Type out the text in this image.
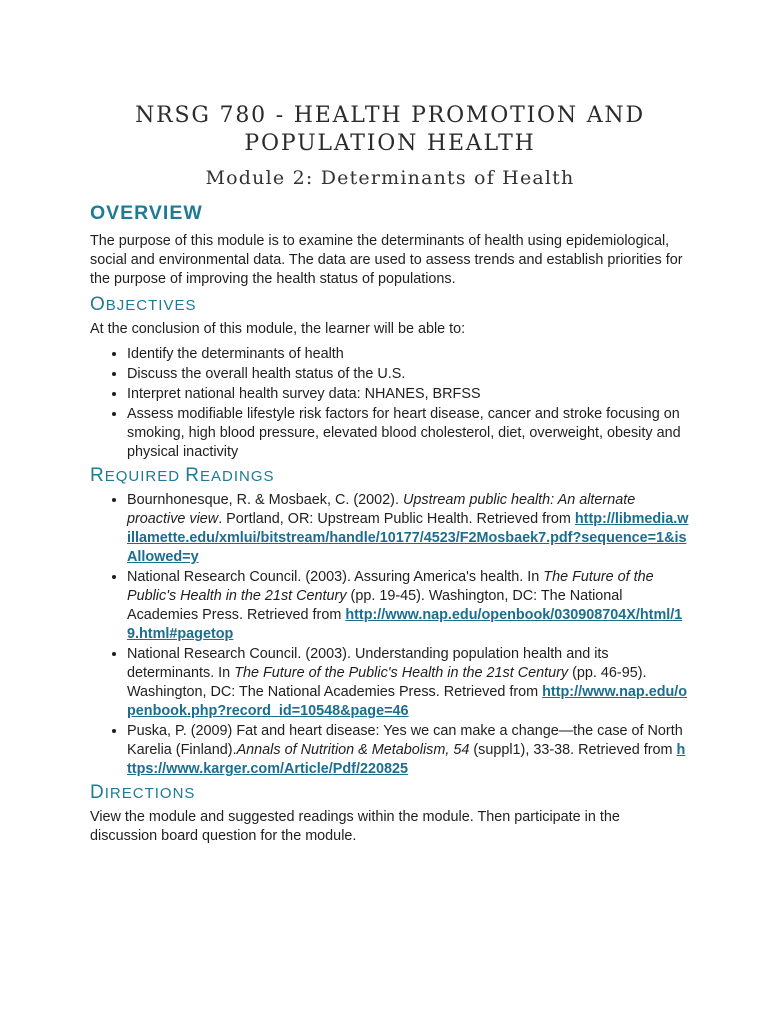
NRSG 780 - HEALTH PROMOTION AND
POPULATION HEALTH
Module 2: Determinants of Health
OVERVIEW

The purpose of this module is to examine the determinants of health using epidemiological, social and environmental data. The data are used to assess trends and establish priorities for the purpose of improving the health status of populations.

OBJECTIVES

At the conclusion of this module, the learner will be able to:

• Identify the determinants of health
• Discuss the overall health status of the U.S.
• Interpret national health survey data: NHANES, BRFSS
• Assess modifiable lifestyle risk factors for heart disease, cancer and stroke focusing on smoking, high blood pressure, elevated blood cholesterol, diet, overweight, obesity and physical inactivity
REQUIRED READINGS
• Bournhonesque, R. & Mosbaek, C. (2002). Upstream public health: An alternate proactive view. Portland, OR: Upstream Public Health. Retrieved from http://libmedia.willamette.edu/xmlui/bitstream/handle/10177/4523/F2Mosbaek7.pdf?sequence=1&isAllowed=y
• National Research Council. (2003). Assuring America's health. In The Future of the Public's Health in the 21st Century (pp. 19-45). Washington, DC: The National Academies Press. Retrieved from http://www.nap.edu/openbook/030908704X/html/19.html#pagetop
• National Research Council. (2003). Understanding population health and its determinants. In The Future of the Public's Health in the 21st Century (pp. 46-95). Washington, DC: The National Academies Press. Retrieved from http://www.nap.edu/openbook.php?record_id=10548&page=46
• Puska, P. (2009) Fat and heart disease: Yes we can make a change—the case of North Karelia (Finland).Annals of Nutrition & Metabolism, 54 (suppl1), 33-38. Retrieved from https://www.karger.com/Article/Pdf/220825
DIRECTIONS

View the module and suggested readings within the module. Then participate in the discussion board question for the module.
